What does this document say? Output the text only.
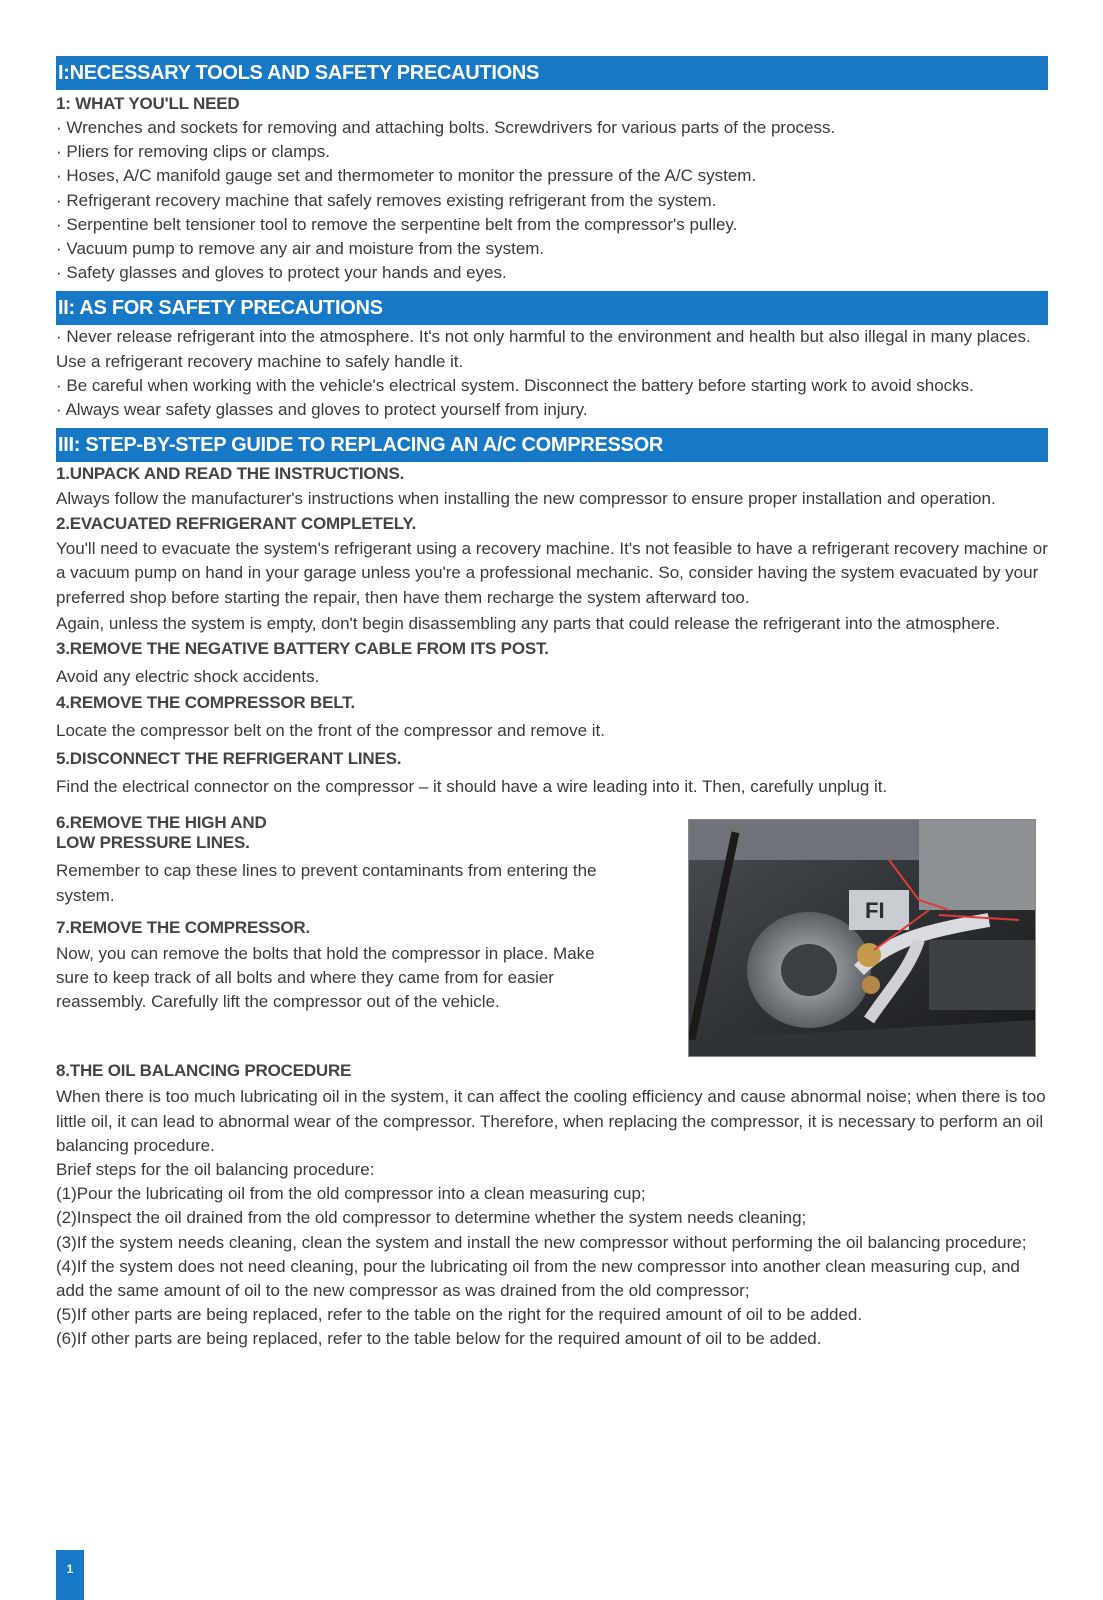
I:NECESSARY TOOLS AND SAFETY PRECAUTIONS

1: WHAT YOU'LL NEED

· Wrenches and sockets for removing and attaching bolts. Screwdrivers for various parts of the process.
· Pliers for removing clips or clamps.
· Hoses, A/C manifold gauge set and thermometer to monitor the pressure of the A/C system.
· Refrigerant recovery machine that safely removes existing refrigerant from the system.
· Serpentine belt tensioner tool to remove the serpentine belt from the compressor's pulley.
· Vacuum pump to remove any air and moisture from the system.
· Safety glasses and gloves to protect your hands and eyes.
II: AS FOR SAFETY PRECAUTIONS
· Never release refrigerant into the atmosphere. It's not only harmful to the environment and health but also illegal in many places. Use a refrigerant recovery machine to safely handle it.
· Be careful when working with the vehicle's electrical system. Disconnect the battery before starting work to avoid shocks.
· Always wear safety glasses and gloves to protect yourself from injury.
III: STEP-BY-STEP GUIDE TO REPLACING AN A/C COMPRESSOR

1.UNPACK AND READ THE INSTRUCTIONS.

Always follow the manufacturer's instructions when installing the new compressor to ensure proper installation and operation.

2.EVACUATED REFRIGERANT COMPLETELY.

You'll need to evacuate the system's refrigerant using a recovery machine. It's not feasible to have a refrigerant recovery machine or a vacuum pump on hand in your garage unless you're a professional mechanic. So, consider having the system evacuated by your preferred shop before starting the repair, then have them recharge the system afterward too.

Again, unless the system is empty, don't begin disassembling any parts that could release the refrigerant into the atmosphere.

3.REMOVE THE NEGATIVE BATTERY CABLE FROM ITS POST.

Avoid any electric shock accidents.

4.REMOVE THE COMPRESSOR BELT.

Locate the compressor belt on the front of the compressor and remove it.

5.DISCONNECT THE REFRIGERANT LINES.

Find the electrical connector on the compressor – it should have a wire leading into it. Then, carefully unplug it.

6.REMOVE THE HIGH AND
LOW PRESSURE LINES.

Remember to cap these lines to prevent contaminants from entering the system.

7.REMOVE THE COMPRESSOR.

Now, you can remove the bolts that hold the compressor in place. Make sure to keep track of all bolts and where they came from for easier reassembly. Carefully lift the compressor out of the vehicle.

FI

8.THE OIL BALANCING PROCEDURE

When there is too much lubricating oil in the system, it can affect the cooling efficiency and cause abnormal noise; when there is too little oil, it can lead to abnormal wear of the compressor. Therefore, when replacing the compressor, it is necessary to perform an oil balancing procedure.

Brief steps for the oil balancing procedure:

(1)Pour the lubricating oil from the old compressor into a clean measuring cup;
(2)Inspect the oil drained from the old compressor to determine whether the system needs cleaning;
(3)If the system needs cleaning, clean the system and install the new compressor without performing the oil balancing procedure;
(4)If the system does not need cleaning, pour the lubricating oil from the new compressor into another clean measuring cup, and add the same amount of oil to the new compressor as was drained from the old compressor;
(5)If other parts are being replaced, refer to the table on the right for the required amount of oil to be added.
(6)If other parts are being replaced, refer to the table below for the required amount of oil to be added.
1
